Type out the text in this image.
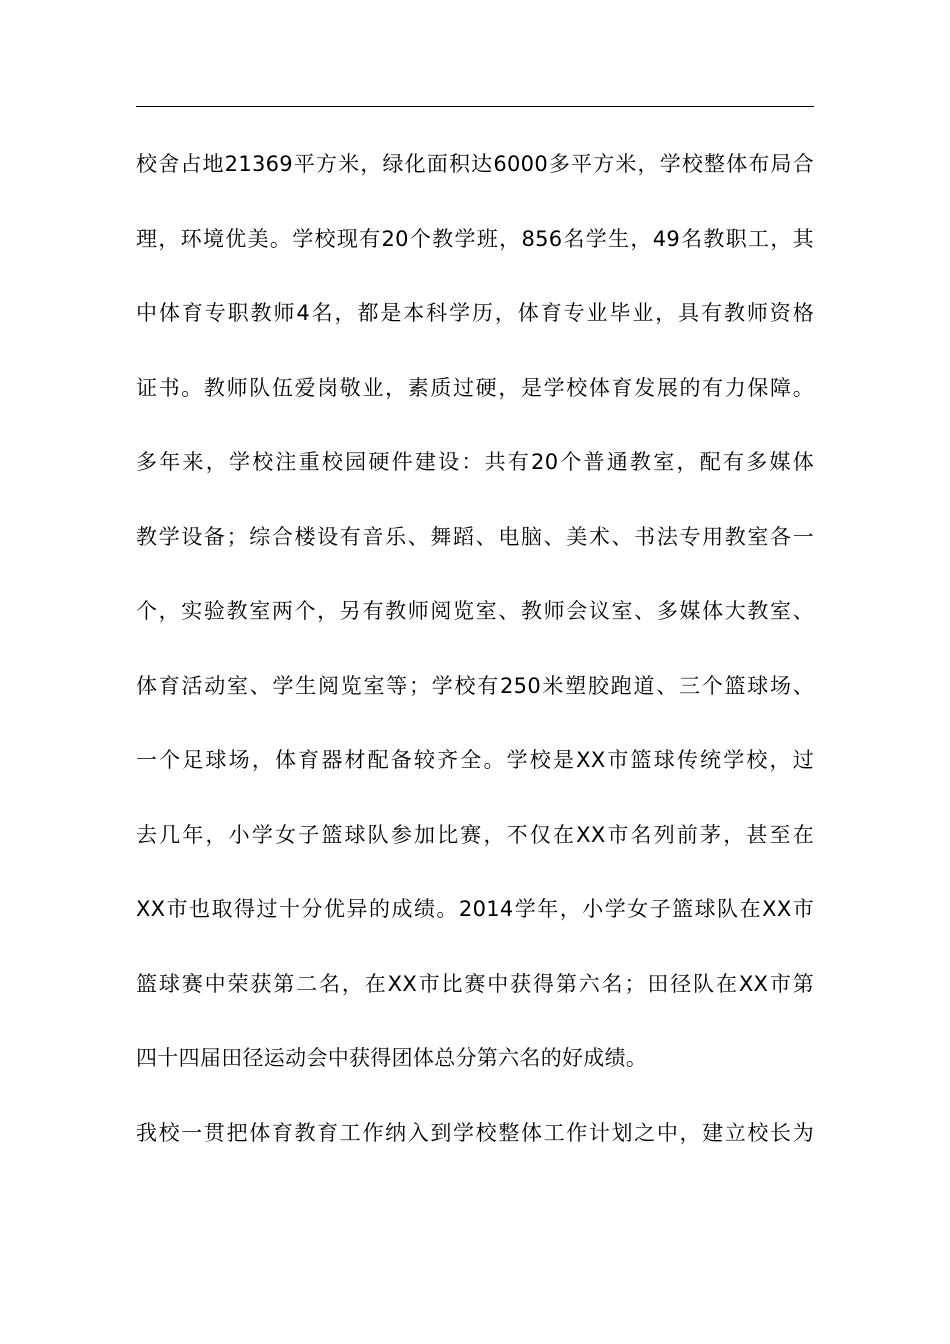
校舍占地21369平方米，绿化面积达6000多平方米，学校整体布局合
理，环境优美。学校现有20个教学班，856名学生，49名教职工，其
中体育专职教师4名，都是本科学历，体育专业毕业，具有教师资格
证书。教师队伍爱岗敬业，素质过硬，是学校体育发展的有力保障。
多年来，学校注重校园硬件建设：共有20个普通教室，配有多媒体
教学设备；综合楼设有音乐、舞蹈、电脑、美术、书法专用教室各一
个，实验教室两个，另有教师阅览室、教师会议室、多媒体大教室、
体育活动室、学生阅览室等；学校有250米塑胶跑道、三个篮球场、
一个足球场，体育器材配备较齐全。学校是XX市篮球传统学校，过
去几年，小学女子篮球队参加比赛，不仅在XX市名列前茅，甚至在
XX市也取得过十分优异的成绩。2014学年，小学女子篮球队在XX市
篮球赛中荣获第二名，在XX市比赛中获得第六名；田径队在XX市第
四十四届田径运动会中获得团体总分第六名的好成绩。
我校一贯把体育教育工作纳入到学校整体工作计划之中，建立校长为
